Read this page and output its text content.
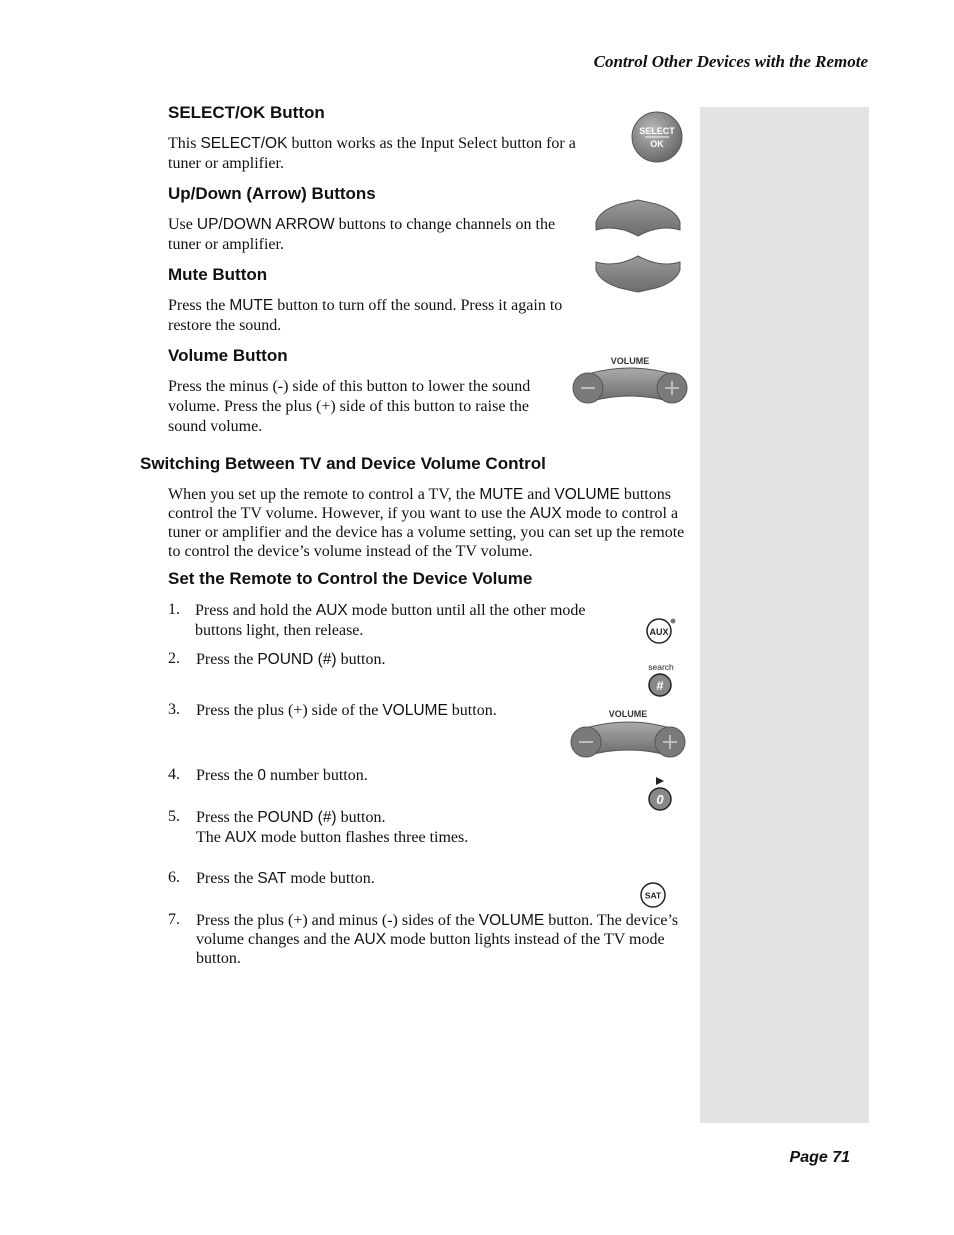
Control Other Devices with the Remote
SELECT/OK Button
This SELECT/OK button works as the Input Select button for a tuner or amplifier.
SELECT
OK
Up/Down (Arrow) Buttons
Use UP/DOWN ARROW buttons to change channels on the tuner or amplifier.
Mute Button
Press the MUTE button to turn off the sound. Press it again to restore the sound.
Volume Button
Press the minus (-) side of this button to lower the sound volume. Press the plus (+) side of this button to raise the sound volume.
VOLUME
Switching Between TV and Device Volume Control
When you set up the remote to control a TV, the MUTE and VOLUME buttons control the TV volume. However, if you want to use the AUX mode to control a tuner or amplifier and the device has a volume setting, you can set up the remote to control the device’s volume instead of the TV volume.
Set the Remote to Control the Device Volume
1. Press and hold the AUX mode button until all the other mode buttons light, then release.
2.	Press the POUND (#) button.
3.	Press the plus (+) side of the VOLUME button.
4.	Press the 0 number button.
5.	Press the POUND (#) button.
The AUX mode button flashes three times.
6.	Press the SAT mode button.
7.	Press the plus (+) and minus (-) sides of the VOLUME button. The device’s volume changes and the AUX mode button lights instead of the TV mode button.
AUX
search
#
VOLUME
0
SAT
Page 71
